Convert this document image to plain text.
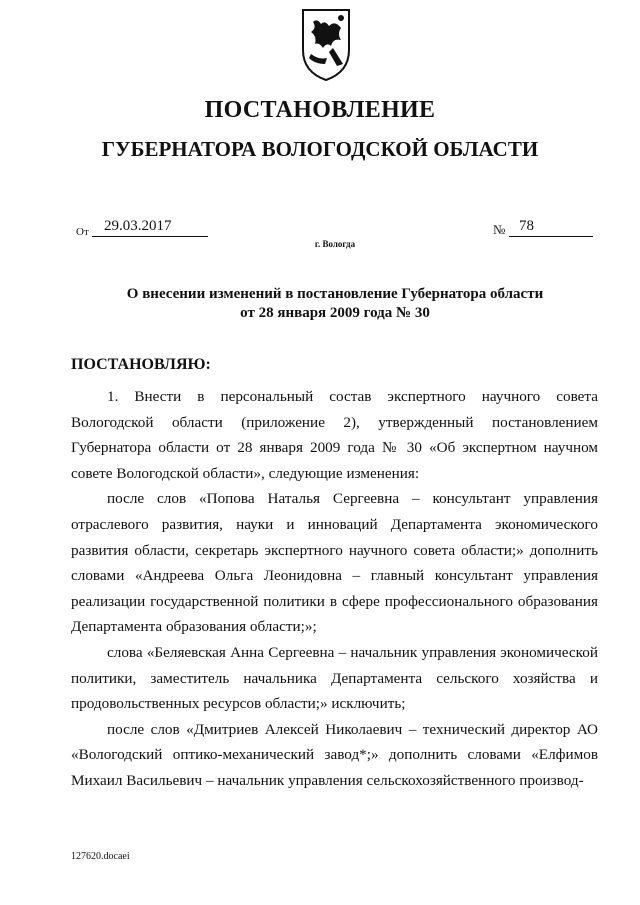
ПОСТАНОВЛЕНИЕ
ГУБЕРНАТОРА ВОЛОГОДСКОЙ ОБЛАСТИ
От	29.03.2017	№ 78
г. Вологда
О внесении изменений в постановление Губернатора области
от 28 января 2009 года № 30
ПОСТАНОВЛЯЮ:

1. Внести в персональный состав экспертного научного совета Вологодской области (приложение 2), утвержденный постановлением Губернатора области от 28 января 2009 года № 30 «Об экспертном научном совете Вологодской области», следующие изменения:

после слов «Попова Наталья Сергеевна – консультант управления отраслевого развития, науки и инноваций Департамента экономического развития области, секретарь экспертного научного совета области;» дополнить словами «Андреева Ольга Леонидовна – главный консультант управления реализации государственной политики в сфере профессионального образования Департамента образования области;»;

слова «Беляевская Анна Сергеевна – начальник управления экономической политики, заместитель начальника Департамента сельского хозяйства и продовольственных ресурсов области;» исключить;

после слов «Дмитриев Алексей Николаевич – технический директор АО «Вологодский оптико-механический завод*;» дополнить словами «Елфимов Михаил Васильевич – начальник управления сельскохозяйственного производ-

127620.docaei
